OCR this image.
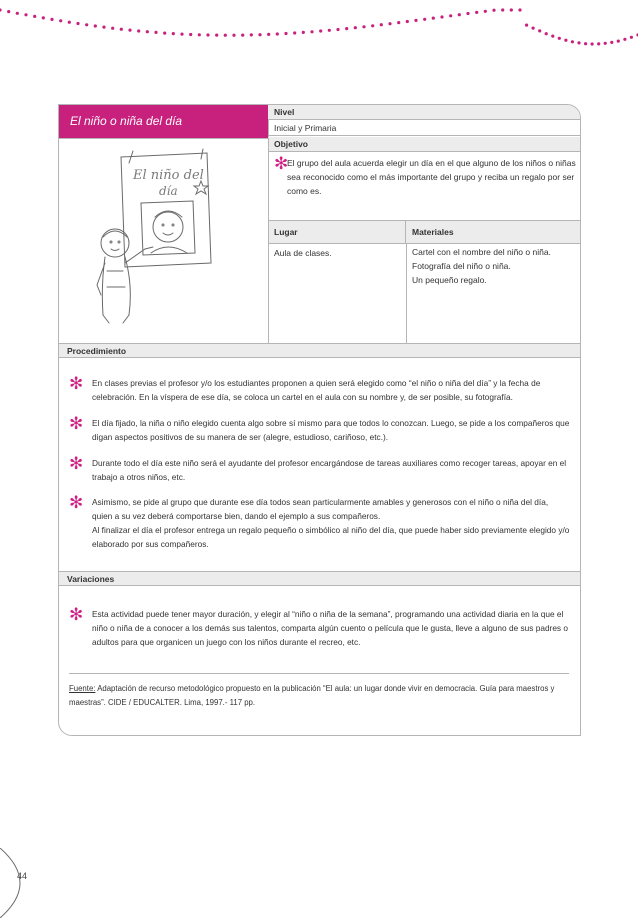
El niño o niña del día
Nivel
Inicial y Primaria
Objetivo
✻
El grupo del aula acuerda elegir un día en el que alguno de los niños o niñas sea reconocido como el más importante del grupo y reciba un regalo por ser como es.
Lugar	Materiales
Aula de clases.	Cartel con el nombre del niño o niña.
Fotografía del niño o niña.
Un pequeño regalo.
El niño del
día
Procedimiento
✻ En clases previas el profesor y/o los estudiantes proponen a quien será elegido como “el niño o niña del día” y la fecha de celebración. En la víspera de ese día, se coloca un cartel en el aula con su nombre y, de ser posible, su fotografía.
✻ El día fijado, la niña o niño elegido cuenta algo sobre sí mismo para que todos lo conozcan. Luego, se pide a los compañeros que digan aspectos positivos de su manera de ser (alegre, estudioso, cariñoso, etc.).
✻ Durante todo el día este niño será el ayudante del profesor encargándose de tareas auxiliares como recoger tareas, apoyar en el trabajo a otros niños, etc.
✻ Asimismo, se pide al grupo que durante ese día todos sean particularmente amables y generosos con el niño o niña del día, quien a su vez deberá comportarse bien, dando el ejemplo a sus compañeros.
Al finalizar el día el profesor entrega un regalo pequeño o simbólico al niño del día, que puede haber sido previamente elegido y/o elaborado por sus compañeros.
Variaciones
✻ Esta actividad puede tener mayor duración, y elegir al “niño o niña de la semana”, programando una actividad diaria en la que el niño o niña de a conocer a los demás sus talentos, comparta algún cuento o película que le gusta, lleve a alguno de sus padres o adultos para que organicen un juego con los niños durante el recreo, etc.
Fuente: Adaptación de recurso metodológico propuesto en la publicación “El aula: un lugar donde vivir en democracia. Guía para maestros y maestras”. CIDE / EDUCALTER. Lima, 1997.- 117 pp.
44
